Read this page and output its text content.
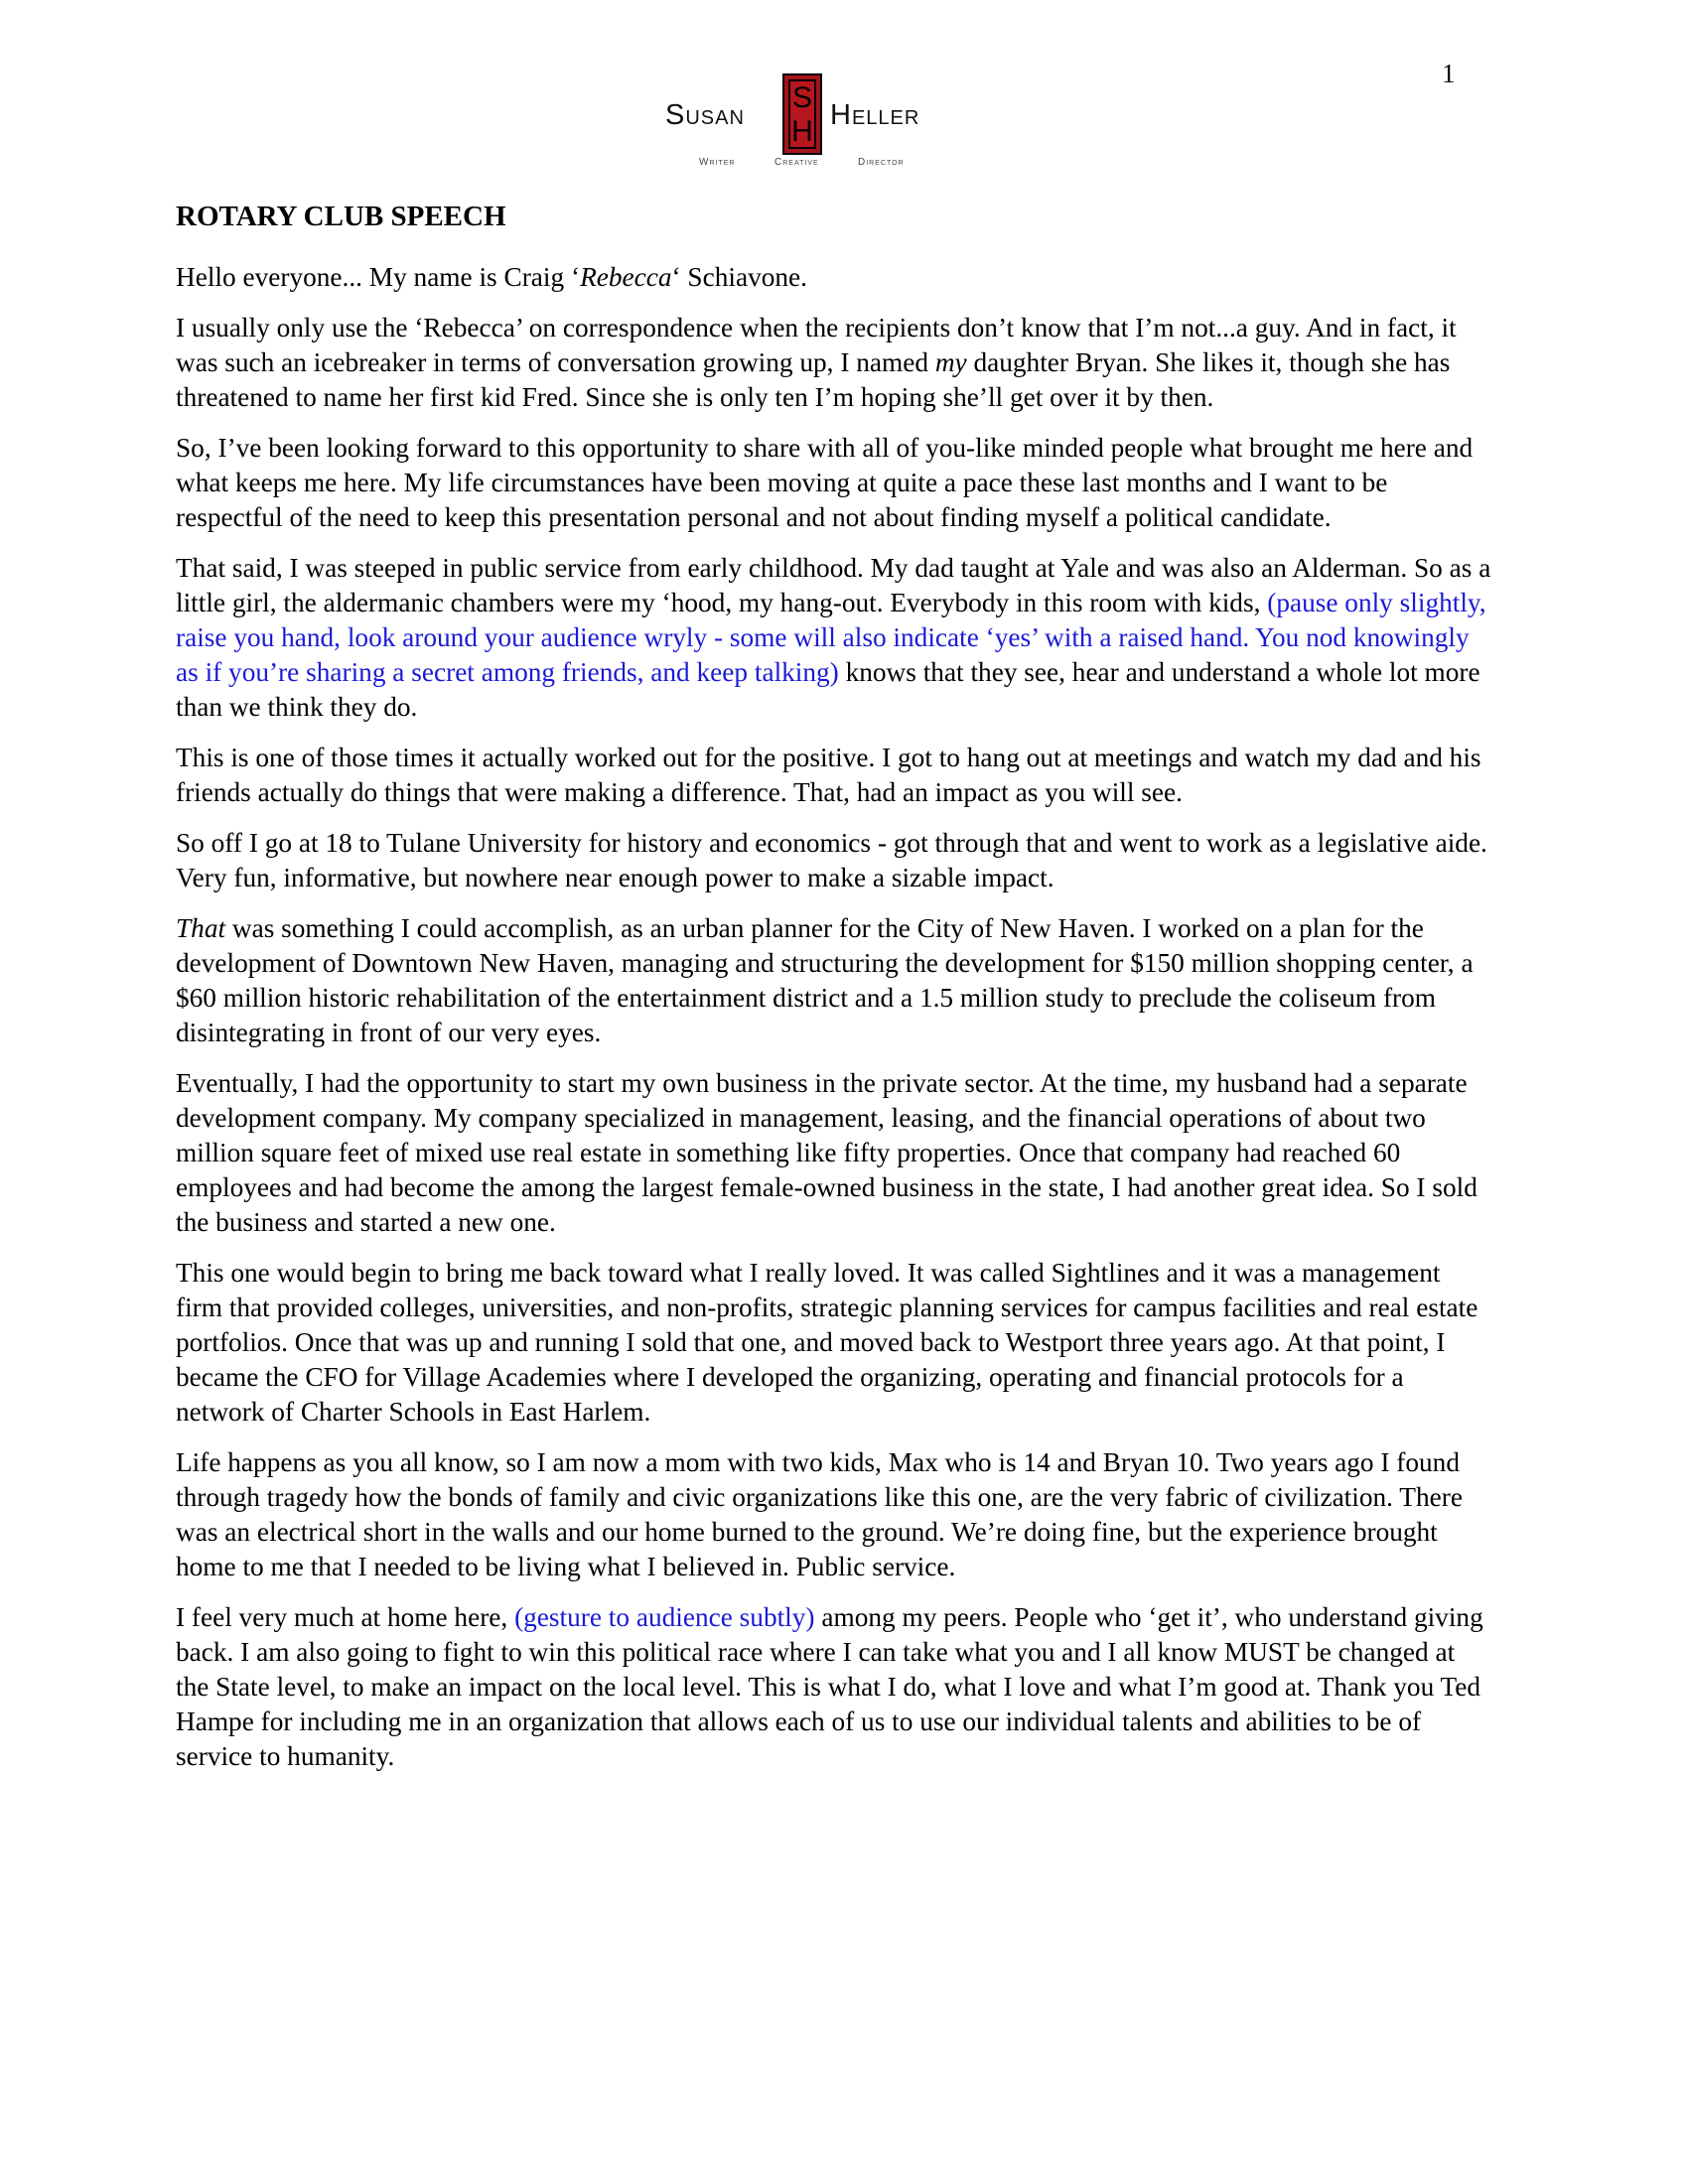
1
Susan
S
H Heller
Writer	Creative	Director
ROTARY CLUB SPEECH

Hello everyone... My name is Craig ‘Rebecca‘ Schiavone.

I usually only use the ‘Rebecca’ on correspondence when the recipients don’t know that I’m not...a guy. And in fact, it was such an icebreaker in terms of conversation growing up, I named my daughter Bryan. She likes it, though she has threatened to name her first kid Fred. Since she is only ten I’m hoping she’ll get over it by then.

So, I’ve been looking forward to this opportunity to share with all of you-like minded people what brought me here and what keeps me here. My life circumstances have been moving at quite a pace these last months and I want to be respectful of the need to keep this presentation personal and not about finding myself a political candidate.

That said, I was steeped in public service from early childhood. My dad taught at Yale and was also an Alderman. So as a little girl, the aldermanic chambers were my ‘hood, my hang-out. Everybody in this room with kids, (pause only slightly, raise you hand, look around your audience wryly - some will also indicate ‘yes’ with a raised hand. You nod knowingly as if you’re sharing a secret among friends, and keep talking) knows that they see, hear and understand a whole lot more than we think they do.

This is one of those times it actually worked out for the positive. I got to hang out at meetings and watch my dad and his friends actually do things that were making a difference. That, had an impact as you will see.

So off I go at 18 to Tulane University for history and economics - got through that and went to work as a legislative aide. Very fun, informative, but nowhere near enough power to make a sizable impact.

That was something I could accomplish, as an urban planner for the City of New Haven. I worked on a plan for the development of Downtown New Haven, managing and structuring the development for $150 million shopping center, a $60 million historic rehabilitation of the entertainment district and a 1.5 million study to preclude the coliseum from disintegrating in front of our very eyes.

Eventually, I had the opportunity to start my own business in the private sector. At the time, my husband had a separate development company. My company specialized in management, leasing, and the financial operations of about two million square feet of mixed use real estate in something like fifty properties. Once that company had reached 60 employees and had become the among the largest female-owned business in the state, I had another great idea. So I sold the business and started a new one.

This one would begin to bring me back toward what I really loved. It was called Sightlines and it was a management firm that provided colleges, universities, and non-profits, strategic planning services for campus facilities and real estate portfolios. Once that was up and running I sold that one, and moved back to Westport three years ago. At that point, I became the CFO for Village Academies where I developed the organizing, operating and financial protocols for a network of Charter Schools in East Harlem.

Life happens as you all know, so I am now a mom with two kids, Max who is 14 and Bryan 10. Two years ago I found through tragedy how the bonds of family and civic organizations like this one, are the very fabric of civilization. There was an electrical short in the walls and our home burned to the ground. We’re doing fine, but the experience brought home to me that I needed to be living what I believed in. Public service.

I feel very much at home here, (gesture to audience subtly) among my peers. People who ‘get it’, who understand giving back. I am also going to fight to win this political race where I can take what you and I all know MUST be changed at the State level, to make an impact on the local level. This is what I do, what I love and what I’m good at. Thank you Ted Hampe for including me in an organization that allows each of us to use our individual talents and abilities to be of service to humanity.
